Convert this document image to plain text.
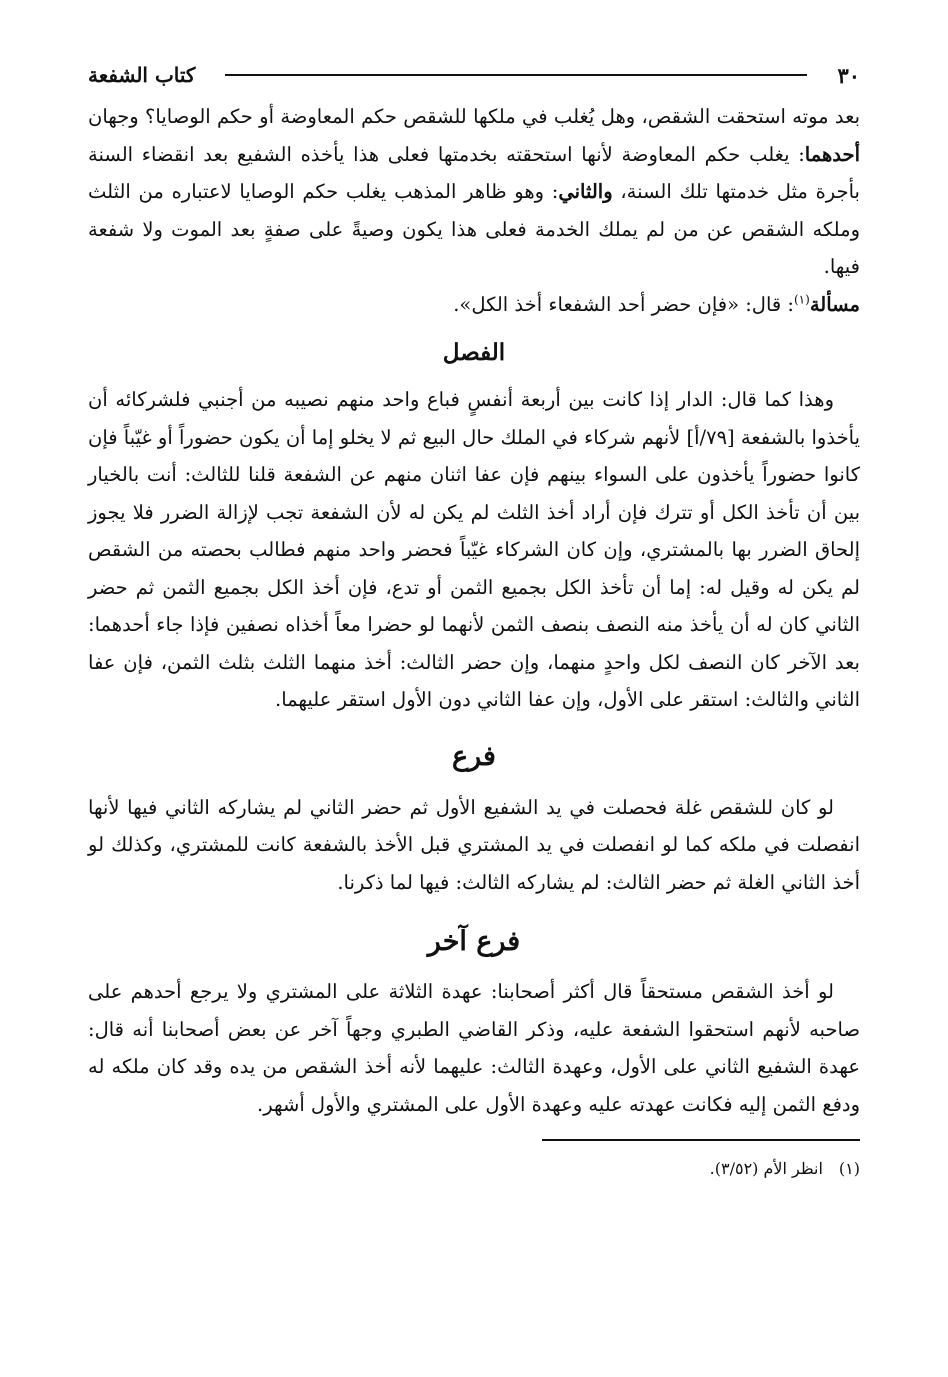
٣٠
كتاب الشفعة

بعد موته استحقت الشقص، وهل يُغلب في ملكها للشقص حكم المعاوضة أو حكم الوصايا؟ وجهان أحدهما: يغلب حكم المعاوضة لأنها استحقته بخدمتها فعلى هذا يأخذه الشفيع بعد انقضاء السنة بأجرة مثل خدمتها تلك السنة، والثاني: وهو ظاهر المذهب يغلب حكم الوصايا لاعتباره من الثلث وملكه الشقص عن من لم يملك الخدمة فعلى هذا يكون وصيةً على صفةٍ بعد الموت ولا شفعة فيها.

مسألة$^{(١)}$: قال: «فإن حضر أحد الشفعاء أخذ الكل».

الفصل

وهذا كما قال: الدار إذا كانت بين أربعة أنفسٍ فباع واحد منهم نصيبه من أجنبي فلشركائه أن يأخذوا بالشفعة [٧٩/أ] لأنهم شركاء في الملك حال البيع ثم لا يخلو إما أن يكون حضوراً أو غيّباً فإن كانوا حضوراً يأخذون على السواء بينهم فإن عفا اثنان منهم عن الشفعة قلنا للثالث: أنت بالخيار بين أن تأخذ الكل أو تترك فإن أراد أخذ الثلث لم يكن له لأن الشفعة تجب لإزالة الضرر فلا يجوز إلحاق الضرر بها بالمشتري، وإن كان الشركاء غيّباً فحضر واحد منهم فطالب بحصته من الشقص لم يكن له وقيل له: إما أن تأخذ الكل بجميع الثمن أو تدع، فإن أخذ الكل بجميع الثمن ثم حضر الثاني كان له أن يأخذ منه النصف بنصف الثمن لأنهما لو حضرا معاً أخذاه نصفين فإذا جاء أحدهما: بعد الآخر كان النصف لكل واحدٍ منهما، وإن حضر الثالث: أخذ منهما الثلث بثلث الثمن، فإن عفا الثاني والثالث: استقر على الأول، وإن عفا الثاني دون الأول استقر عليهما.

فرع

لو كان للشقص غلة فحصلت في يد الشفيع الأول ثم حضر الثاني لم يشاركه الثاني فيها لأنها انفصلت في ملكه كما لو انفصلت في يد المشتري قبل الأخذ بالشفعة كانت للمشتري، وكذلك لو أخذ الثاني الغلة ثم حضر الثالث: لم يشاركه الثالث: فيها لما ذكرنا.

فرع آخر

لو أخذ الشقص مستحقاً قال أكثر أصحابنا: عهدة الثلاثة على المشتري ولا يرجع أحدهم على صاحبه لأنهم استحقوا الشفعة عليه، وذكر القاضي الطبري وجهاً آخر عن بعض أصحابنا أنه قال: عهدة الشفيع الثاني على الأول، وعهدة الثالث: عليهما لأنه أخذ الشقص من يده وقد كان ملكه له ودفع الثمن إليه فكانت عهدته عليه وعهدة الأول على المشتري والأول أشهر.

(١)انظر الأم (٣/٥٢).
